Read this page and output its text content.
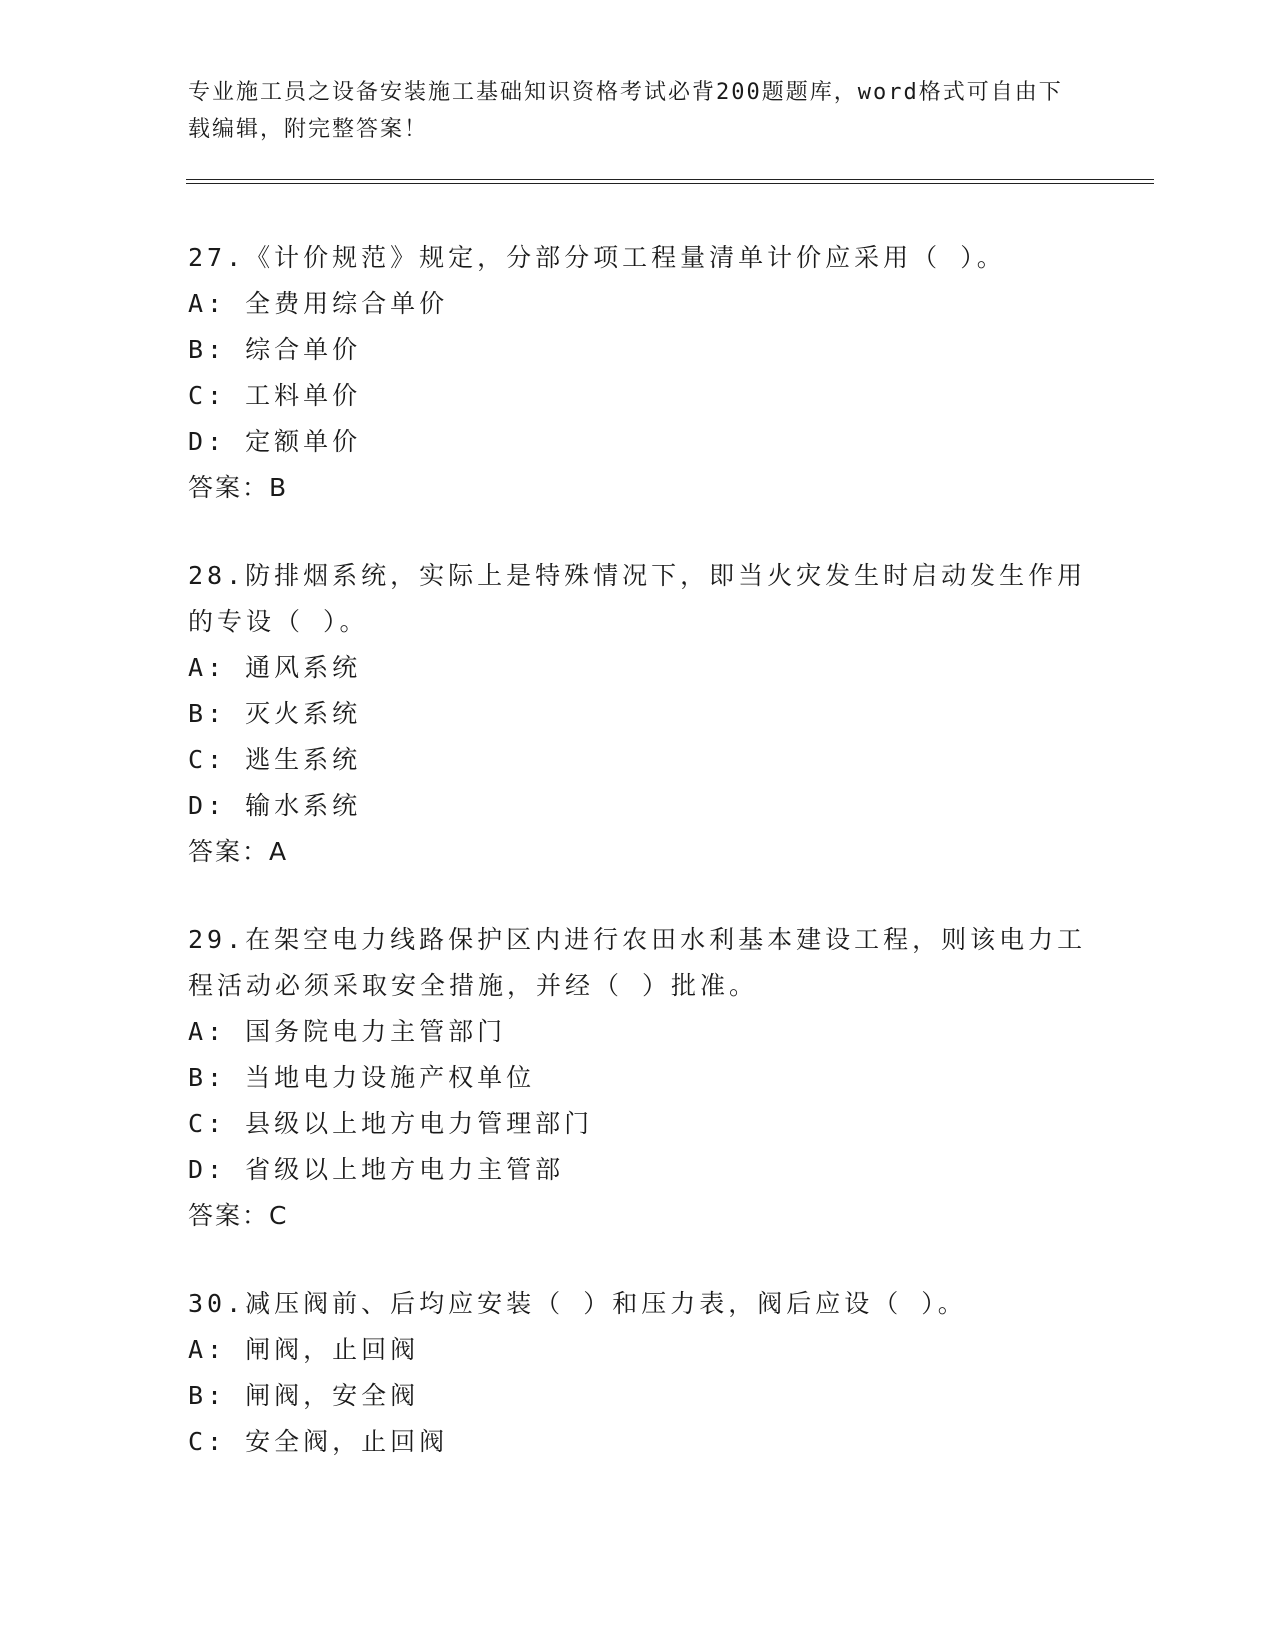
专业施工员之设备安装施工基础知识资格考试必背200题题库，word格式可自由下载编辑，附完整答案！
27.《计价规范》规定，分部分项工程量清单计价应采用（ ）。
A: 全费用综合单价
B: 综合单价
C: 工料单价
D: 定额单价
答案：B
28.防排烟系统，实际上是特殊情况下，即当火灾发生时启动发生作用的专设（ ）。
A: 通风系统
B: 灭火系统
C: 逃生系统
D: 输水系统
答案：A
29.在架空电力线路保护区内进行农田水利基本建设工程，则该电力工程活动必须采取安全措施，并经（ ）批准。
A: 国务院电力主管部门
B: 当地电力设施产权单位
C: 县级以上地方电力管理部门
D: 省级以上地方电力主管部
答案：C
30.减压阀前、后均应安装（ ）和压力表，阀后应设（ ）。
A: 闸阀，止回阀
B: 闸阀，安全阀
C: 安全阀，止回阀
